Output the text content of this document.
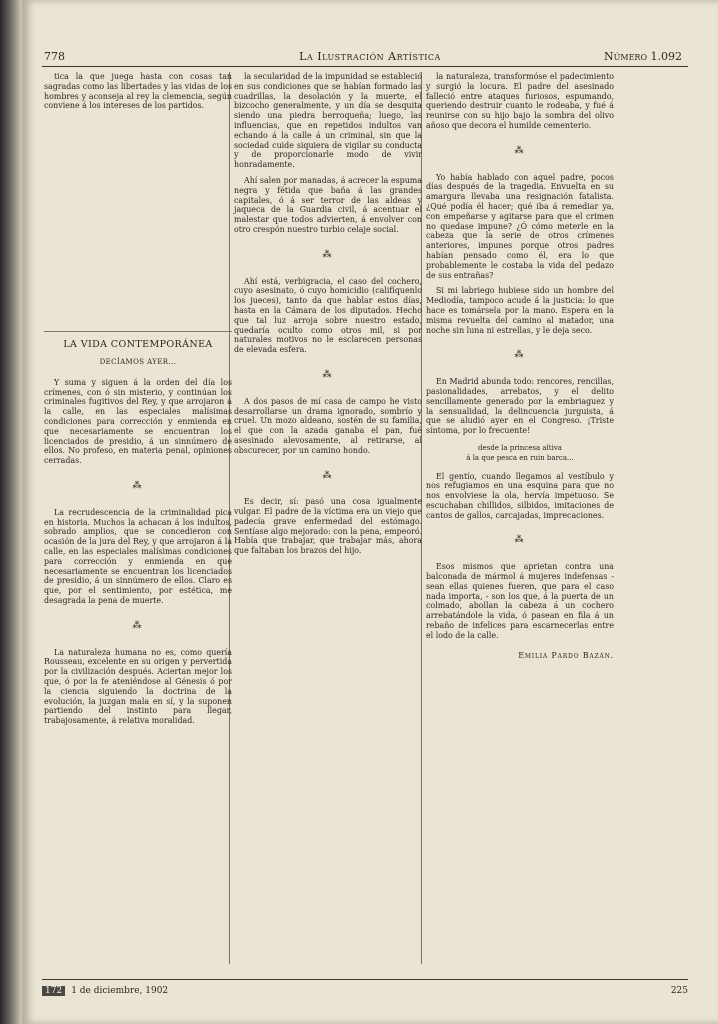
778	La Ilustración Artística	Número 1.092

tica la que juega hasta con cosas tan sagradas como las libertades y las vidas de los hombres y aconseja al rey la clemencia, según conviene á los intereses de los partidos.

LA VIDA CONTEMPORÁNEA
DECÍAMOS AYER...

Y suma y siguen á la orden del día los crímenes, con ó sin misterio, y continúan los criminales fugitivos del Rey, y que arrojaron á la calle, en las especiales malísimas condiciones para corrección y enmienda en que necesariamente se encuentran los licenciados de presidio, á un sinnúmero de ellos. No profeso, en materia penal, opiniones cerradas.

⁂

La recrudescencia de la criminalidad pica en historia. Muchos la achacan á los indultos, sobrado amplios, que se concedieron con ocasión de la jura del Rey, y que arrojaron á la calle, en las especiales malísimas condiciones para corrección y enmienda en que necesariamente se encuentran los licenciados de presidio, á un sinnúmero de ellos. Claro es que, por el sentimiento, por estética, me desagrada la pena de muerte.

⁂

La naturaleza humana no es, como quería Rousseau, excelente en su origen y pervertida por la civilización después. Aciertan mejor los que, ó por la fe ateniéndose al Génesis ó por la ciencia siguiendo la doctrina de la evolución, la juzgan mala en sí, y la suponen partiendo del instinto para llegar, trabajosamente, á relativa moralidad.

la secularidad de la impunidad se estableció en sus condiciones que se habían formado las cuadrillas, la desolación y la muerte, el bizcocho generalmente, y un día se desquita siendo una piedra berroqueña; luego, las influencias, que en repetidos indultos van echando á la calle á un criminal, sin que la sociedad cuide siquiera de vigilar su conducta y de proporcionarle modo de vivir honradamente.

Ahí salen por manadas, á acrecer la espuma negra y fétida que baña á las grandes capitales, ó á ser terror de las aldeas y jaqueca de la Guardia civil, á acentuar el malestar que todos advierten, á envolver con otro crespón nuestro turbio celaje social.

⁂

Ahí está, verbigracia, el caso del cochero, cuyo asesinato, ó cuyo homicidio (califíquenlo los jueces), tanto da que hablar estos días, hasta en la Cámara de los diputados. Hecho que tal luz arroja sobre nuestro estado, quedaría oculto como otros mil, si por naturales motivos no le esclarecen personas de elevada esfera.

⁂

A dos pasos de mí casa de campo he visto desarrollarse un drama ignorado, sombrío y cruel. Un mozo aldeano, sostén de su familia, el que con la azada ganaba el pan, fué asesinado alevosamente, al retirarse, al obscurecer, por un camino hondo.

⁂

Es decir, sí: pasó una cosa igualmente vulgar. El padre de la víctima era un viejo que padecía grave enfermedad del estómago. Sentíase algo mejorado: con la pena, empeoró. Había que trabajar, que trabajar más, ahora que faltaban los brazos del hijo.

la naturaleza, transformóse el padecimiento y surgió la locura. El padre del asesinado falleció entre ataques furiosos, espumando, queriendo destruir cuanto le rodeaba, y fué á reunirse con su hijo bajo la sombra del olivo añoso que decora el humilde cementerio.

⁂

Yo había hablado con aquel padre, pocos días después de la tragedia. Envuelta en su amargura llevaba una resignación fatalista. ¿Qué podía él hacer; qué iba á remediar ya, con empeñarse y agitarse para que el crimen no quedase impune? ¿Ó cómo meterle en la cabeza que la serie de otros crímenes anteriores, impunes porque otros padres habían pensado como él, era lo que probablemente le costaba la vida del pedazo de sus entrañas?

Si mi labriego hubiese sido un hombre del Mediodía, tampoco acude á la justicia: lo que hace es tomársela por la mano. Espera en la misma revuelta del camino al matador, una noche sin luna ni estrellas, y le deja seco.

⁂

En Madrid abunda todo: rencores, rencillas, pasionalidades, arrebatos, y el delito sencillamente generado por la embriaguez y la sensualidad, la delincuencia jurguista, á que se aludió ayer en el Congreso. ¡Triste síntoma, por lo frecuente!

desde la princesa altiva
á la que pesca en ruin barca...

El gentío, cuando llegamos al vestíbulo y nos refugiamos en una esquina para que no nos envolviese la ola, hervía impetuoso. Se escuchaban chillidos, silbidos, imitaciones de cantos de gallos, carcajadas, imprecaciones.

⁂

Esos mismos que aprietan contra una balconada de mármol á mujeres indefensas - sean ellas quienes fueren, que para el caso nada importa, - son los que, á la puerta de un colmado, abollan la cabeza á un cochero arrebatándole la vida, ó pasean en fila á un rebaño de infelices para escarnecerlas entre el lodo de la calle.

Emilia Pardo Bazán.
172 1 de diciembre, 1902	225
